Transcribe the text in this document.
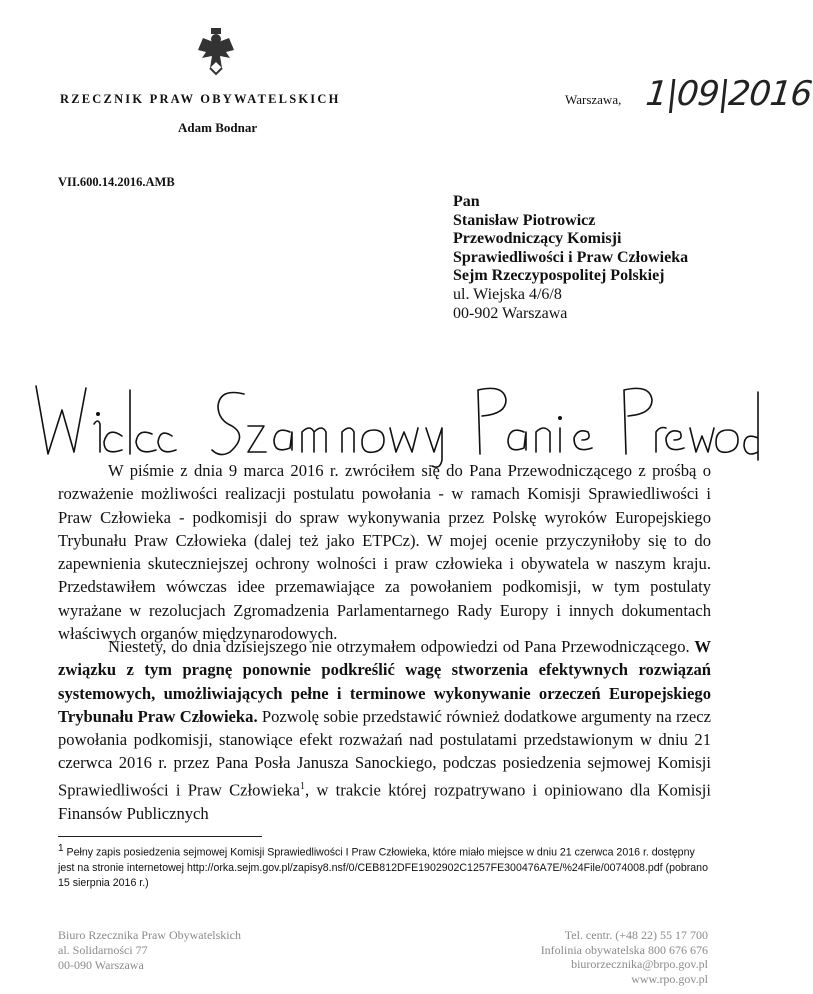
RZECZNIK PRAW OBYWATELSKICH
Adam Bodnar
VII.600.14.2016.AMB
Warszawa, 1|09|2016
Pan
Stanisław Piotrowicz
Przewodniczący Komisji
Sprawiedliwości i Praw Człowieka
Sejm Rzeczypospolitej Polskiej
ul. Wiejska 4/6/8
00-902 Warszawa
W piśmie z dnia 9 marca 2016 r. zwróciłem się do Pana Przewodniczącego z prośbą o rozważenie możliwości realizacji postulatu powołania - w ramach Komisji Sprawiedliwości i Praw Człowieka - podkomisji do spraw wykonywania przez Polskę wyroków Europejskiego Trybunału Praw Człowieka (dalej też jako ETPCz). W mojej ocenie przyczyniłoby się to do zapewnienia skuteczniejszej ochrony wolności i praw człowieka i obywatela w naszym kraju. Przedstawiłem wówczas idee przemawiające za powołaniem podkomisji, w tym postulaty wyrażane w rezolucjach Zgromadzenia Parlamentarnego Rady Europy i innych dokumentach właściwych organów międzynarodowych.
Niestety, do dnia dzisiejszego nie otrzymałem odpowiedzi od Pana Przewodniczącego. W związku z tym pragnę ponownie podkreślić wagę stworzenia efektywnych rozwiązań systemowych, umożliwiających pełne i terminowe wykonywanie orzeczeń Europejskiego Trybunału Praw Człowieka. Pozwolę sobie przedstawić również dodatkowe argumenty na rzecz powołania podkomisji, stanowiące efekt rozważań nad postulatami przedstawionym w dniu 21 czerwca 2016 r. przez Pana Posła Janusza Sanockiego, podczas posiedzenia sejmowej Komisji Sprawiedliwości i Praw Człowieka$^1$, w trakcie której rozpatrywano i opiniowano dla Komisji Finansów Publicznych
$^1$ Pełny zapis posiedzenia sejmowej Komisji Sprawiedliwości I Praw Człowieka, które miało miejsce w dniu 21 czerwca 2016 r. dostępny jest na stronie internetowej http://orka.sejm.gov.pl/zapisy8.nsf/0/CEB812DFE1902902C1257FE300476A7E/%24File/0074008.pdf (pobrano 15 sierpnia 2016 r.)
Biuro Rzecznika Praw Obywatelskich
al. Solidarności 77
00-090 Warszawa
Tel. centr. (+48 22) 55 17 700
Infolinia obywatelska 800 676 676
biurorzecznika@brpo.gov.pl
www.rpo.gov.pl
